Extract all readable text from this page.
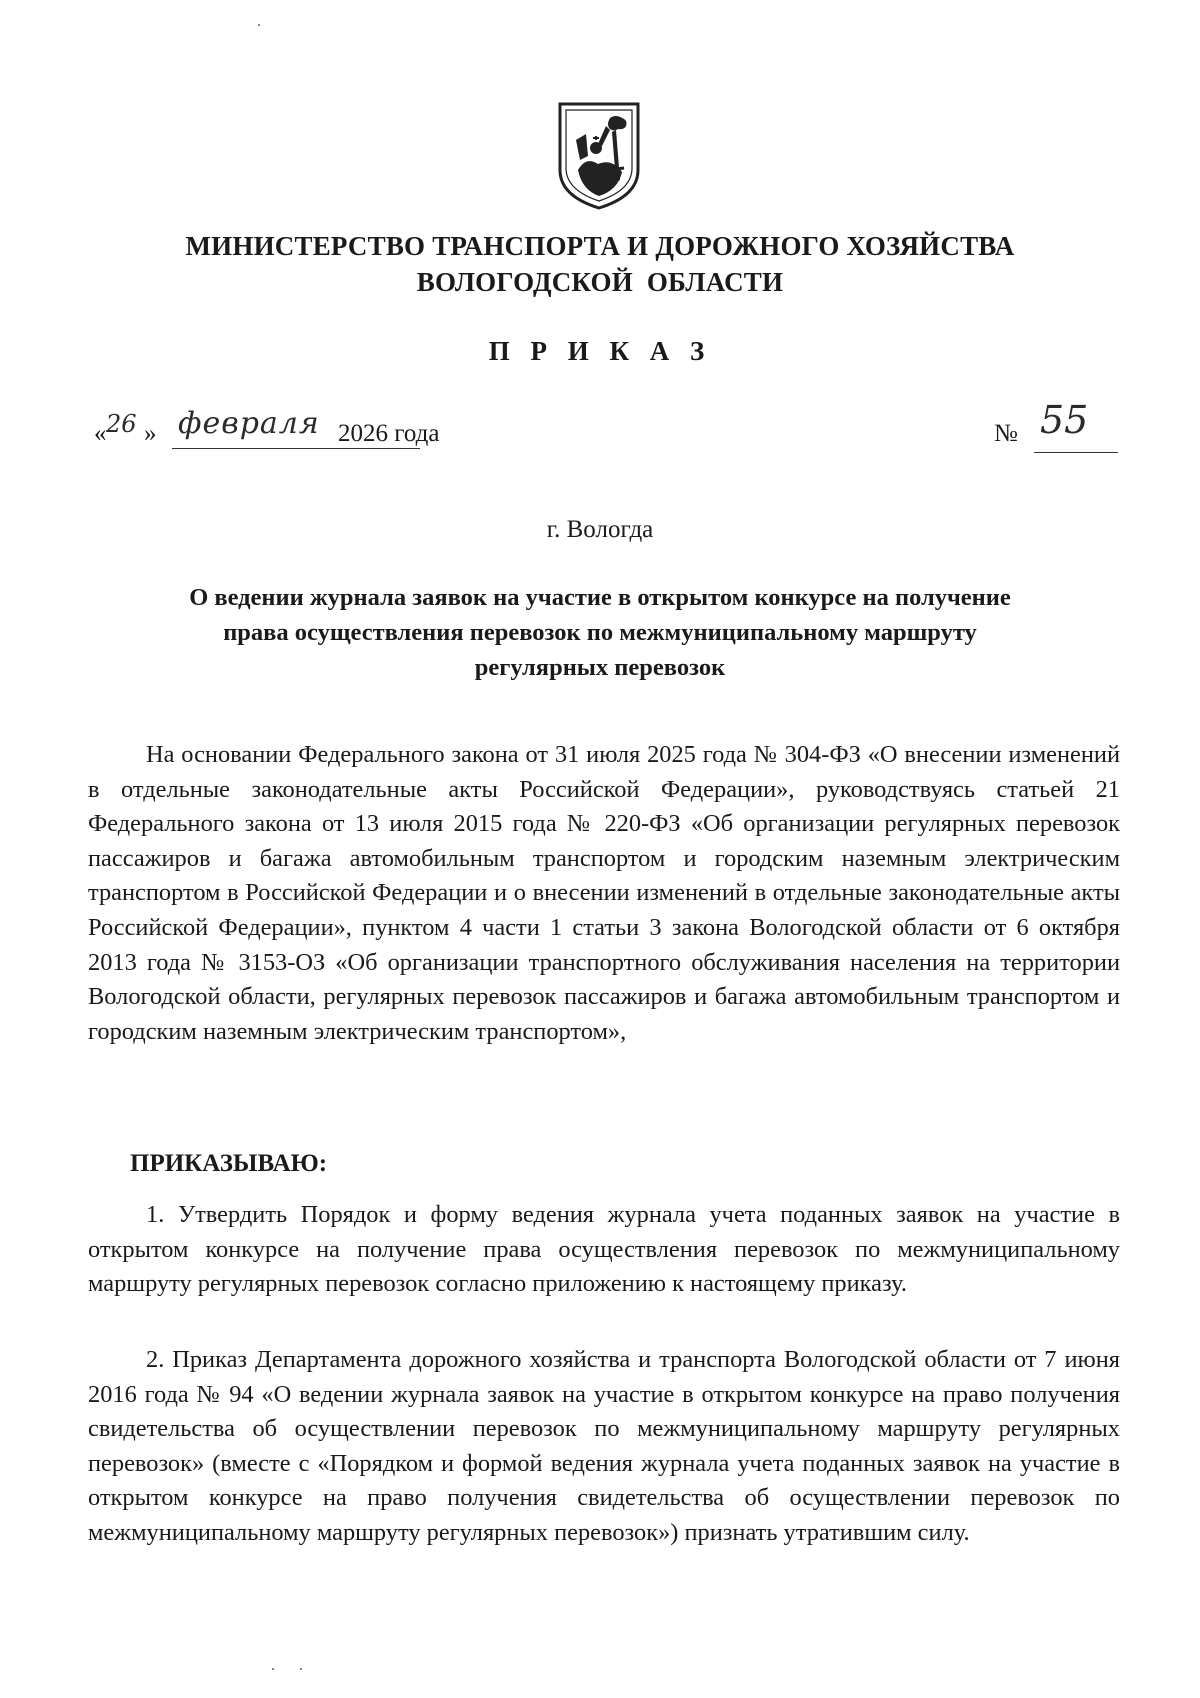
МИНИСТЕРСТВО ТРАНСПОРТА И ДОРОЖНОГО ХОЗЯЙСТВА
ВОЛОГОДСКОЙ  ОБЛАСТИ
П Р И К А З
« 26 » февраля 2026 года	№ 55
г. Вологда
О ведении журнала заявок на участие в открытом конкурсе на получение
права осуществления перевозок по межмуниципальному маршруту
регулярных перевозок

На основании Федерального закона от 31 июля 2025 года № 304-ФЗ «О внесении изменений в отдельные законодательные акты Российской Федерации», руководствуясь статьей 21 Федерального закона от 13 июля 2015 года № 220-ФЗ «Об организации регулярных перевозок пассажиров и багажа автомобильным транспортом и городским наземным электрическим транспортом в Российской Федерации и о внесении изменений в отдельные законодательные акты Российской Федерации», пунктом 4 части 1 статьи 3 закона Вологодской области от 6 октября 2013 года № 3153-ОЗ «Об организации транспортного обслуживания населения на территории Вологодской области, регулярных перевозок пассажиров и багажа автомобильным транспортом и городским наземным электрическим транспортом»,

ПРИКАЗЫВАЮ:

1. Утвердить Порядок и форму ведения журнала учета поданных заявок на участие в открытом конкурсе на получение права осуществления перевозок по межмуниципальному маршруту регулярных перевозок согласно приложению к настоящему приказу.

2. Приказ Департамента дорожного хозяйства и транспорта Вологодской области от 7 июня 2016 года № 94 «О ведении журнала заявок на участие в открытом конкурсе на право получения свидетельства об осуществлении перевозок по межмуниципальному маршруту регулярных перевозок» (вместе с «Порядком и формой ведения журнала учета поданных заявок на участие в открытом конкурсе на право получения свидетельства об осуществлении перевозок по межмуниципальному маршруту регулярных перевозок») признать утратившим силу.
